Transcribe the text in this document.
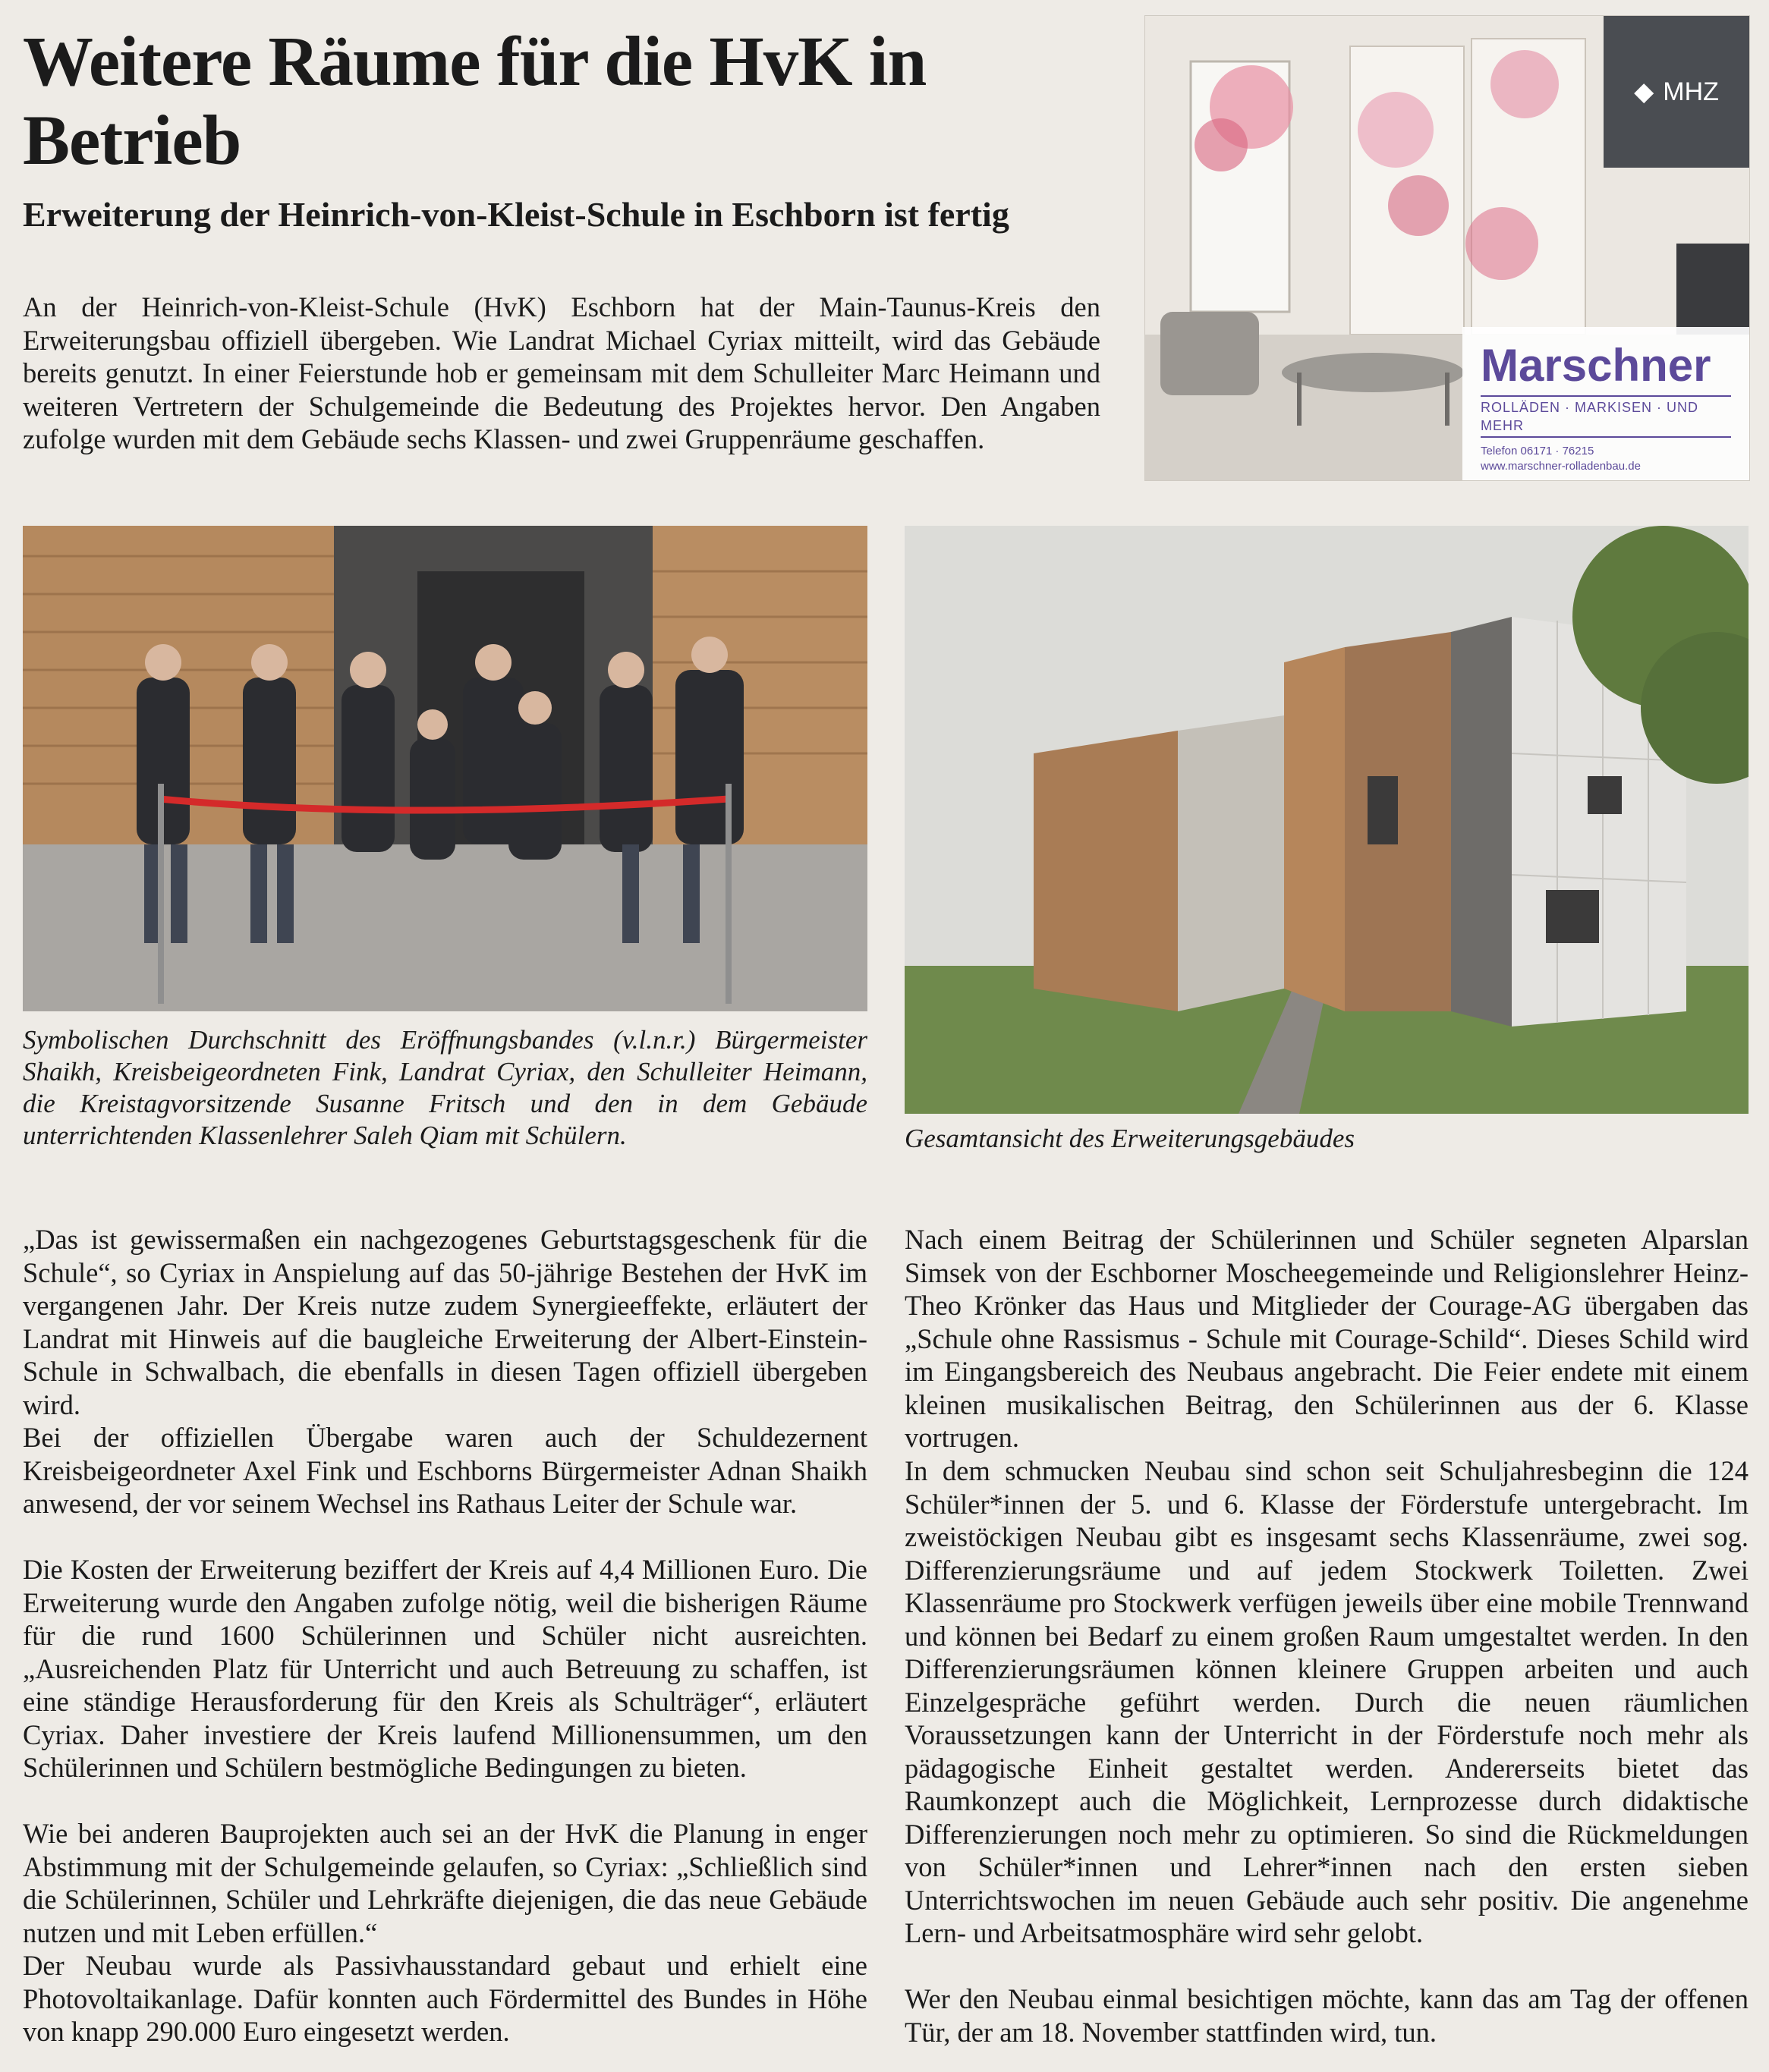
Weitere Räume für die HvK in Betrieb
Erweiterung der Heinrich-von-Kleist-Schule in Eschborn ist fertig

An der Heinrich-von-Kleist-Schule (HvK) Eschborn hat der Main-Taunus-Kreis den Erweiterungsbau offiziell übergeben. Wie Landrat Michael Cyriax mitteilt, wird das Gebäude bereits genutzt. In einer Feierstunde hob er gemeinsam mit dem Schulleiter Marc Heimann und weiteren Vertretern der Schulgemeinde die Bedeutung des Projektes hervor. Den Angaben zufolge wurden mit dem Gebäude sechs Klassen- und zwei Gruppenräume geschaffen.

◆ MHZ
Marschner
ROLLÄDEN · MARKISEN · UND MEHR
Telefon 06171 · 76215
www.marschner-rolladenbau.de

Symbolischen Durchschnitt des Eröffnungsbandes (v.l.n.r.) Bürgermeister Shaikh, Kreisbeigeordneten Fink, Landrat Cyriax, den Schulleiter Heimann, die Kreistagvorsitzende Susanne Fritsch und den in dem Gebäude unterrichtenden Klassenlehrer Saleh Qiam mit Schülern.	Gesamtansicht des Erweiterungsgebäudes

„Das ist gewissermaßen ein nachgezogenes Geburtstagsgeschenk für die Schule“, so Cyriax in Anspielung auf das 50-jährige Bestehen der HvK im vergangenen Jahr. Der Kreis nutze zudem Synergieeffekte, erläutert der Landrat mit Hinweis auf die baugleiche Erweiterung der Albert-Einstein-Schule in Schwalbach, die ebenfalls in diesen Tagen offiziell übergeben wird.

Bei der offiziellen Übergabe waren auch der Schuldezernent Kreisbeigeordneter Axel Fink und Eschborns Bürgermeister Adnan Shaikh anwesend, der vor seinem Wechsel ins Rathaus Leiter der Schule war.

Die Kosten der Erweiterung beziffert der Kreis auf 4,4 Millionen Euro. Die Erweiterung wurde den Angaben zufolge nötig, weil die bisherigen Räume für die rund 1600 Schülerinnen und Schüler nicht ausreichten. „Ausreichenden Platz für Unterricht und auch Betreuung zu schaffen, ist eine ständige Herausforderung für den Kreis als Schulträger“, erläutert Cyriax. Daher investiere der Kreis laufend Millionensummen, um den Schülerinnen und Schülern bestmögliche Bedingungen zu bieten.

Wie bei anderen Bauprojekten auch sei an der HvK die Planung in enger Abstimmung mit der Schulgemeinde gelaufen, so Cyriax: „Schließlich sind die Schülerinnen, Schüler und Lehrkräfte diejenigen, die das neue Gebäude nutzen und mit Leben erfüllen.“

Der Neubau wurde als Passivhausstandard gebaut und erhielt eine Photovoltaikanlage. Dafür konnten auch Fördermittel des Bundes in Höhe von knapp 290.000 Euro eingesetzt werden.

Nach einem Beitrag der Schülerinnen und Schüler segneten Alparslan Simsek von der Eschborner Moscheegemeinde und Religionslehrer Heinz-Theo Krönker das Haus und Mitglieder der Courage-AG übergaben das „Schule ohne Rassismus - Schule mit Courage-Schild“. Dieses Schild wird im Eingangsbereich des Neubaus angebracht. Die Feier endete mit einem kleinen musikalischen Beitrag, den Schülerinnen aus der 6. Klasse vortrugen.

In dem schmucken Neubau sind schon seit Schuljahresbeginn die 124 Schüler*innen der 5. und 6. Klasse der Förderstufe untergebracht. Im zweistöckigen Neubau gibt es insgesamt sechs Klassenräume, zwei sog. Differenzierungsräume und auf jedem Stockwerk Toiletten. Zwei Klassenräume pro Stockwerk verfügen jeweils über eine mobile Trennwand und können bei Bedarf zu einem großen Raum umgestaltet werden. In den Differenzierungsräumen können kleinere Gruppen arbeiten und auch Einzelgespräche geführt werden. Durch die neuen räumlichen Voraussetzungen kann der Unterricht in der Förderstufe noch mehr als pädagogische Einheit gestaltet werden. Andererseits bietet das Raumkonzept auch die Möglichkeit, Lernprozesse durch didaktische Differenzierungen noch mehr zu optimieren. So sind die Rückmeldungen von Schüler*innen und Lehrer*innen nach den ersten sieben Unterrichtswochen im neuen Gebäude auch sehr positiv. Die angenehme Lern- und Arbeitsatmosphäre wird sehr gelobt.

Wer den Neubau einmal besichtigen möchte, kann das am Tag der offenen Tür, der am 18. November stattfinden wird, tun.
